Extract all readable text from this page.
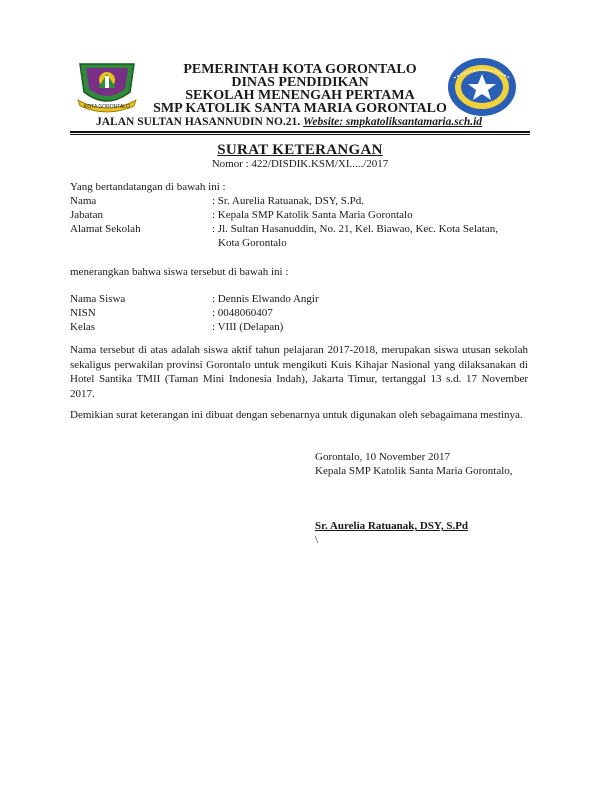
KOTA GORONTALO
PEMERINTAH KOTA GORONTALO
DINAS PENDIDIKAN
SEKOLAH MENENGAH PERTAMA
SMP KATOLIK SANTA MARIA GORONTALO
JALAN SULTAN HASANNUDIN NO.21. Website: smpkatoliksantamaria.sch.id
SURAT KETERANGAN
Nomor : 422/DISDIK.KSM/XI...../2017
Yang bertandatangan di bawah ini :
Nama	: Sr. Aurelia Ratuanak, DSY, S.Pd.
Jabatan	: Kepala SMP Katolik Santa Maria Gorontalo
Alamat Sekolah	: Jl. Sultan Hasanuddin, No. 21, Kel. Biawao, Kec. Kota Selatan,
Kota Gorontalo
menerangkan bahwa siswa tersebut di bawah ini :
Nama Siswa	: Dennis Elwando Angir
NISN	: 0048060407
Kelas	: VIII (Delapan)
Nama tersebut di atas adalah siswa aktif tahun pelajaran 2017-2018, merupakan siswa utusan sekolah sekaligus perwakilan provinsi Gorontalo untuk mengikuti Kuis Kihajar Nasional yang dilaksanakan di Hotel Santika TMII (Taman Mini Indonesia Indah), Jakarta Timur, tertanggal 13 s.d. 17 November 2017.
Demikian surat keterangan ini dibuat dengan sebenarnya untuk digunakan oleh sebagaimana mestinya.
Gorontalo, 10 November 2017
Kepala SMP Katolik Santa Maria Gorontalo,
Sr. Aurelia Ratuanak, DSY, S.Pd
\
